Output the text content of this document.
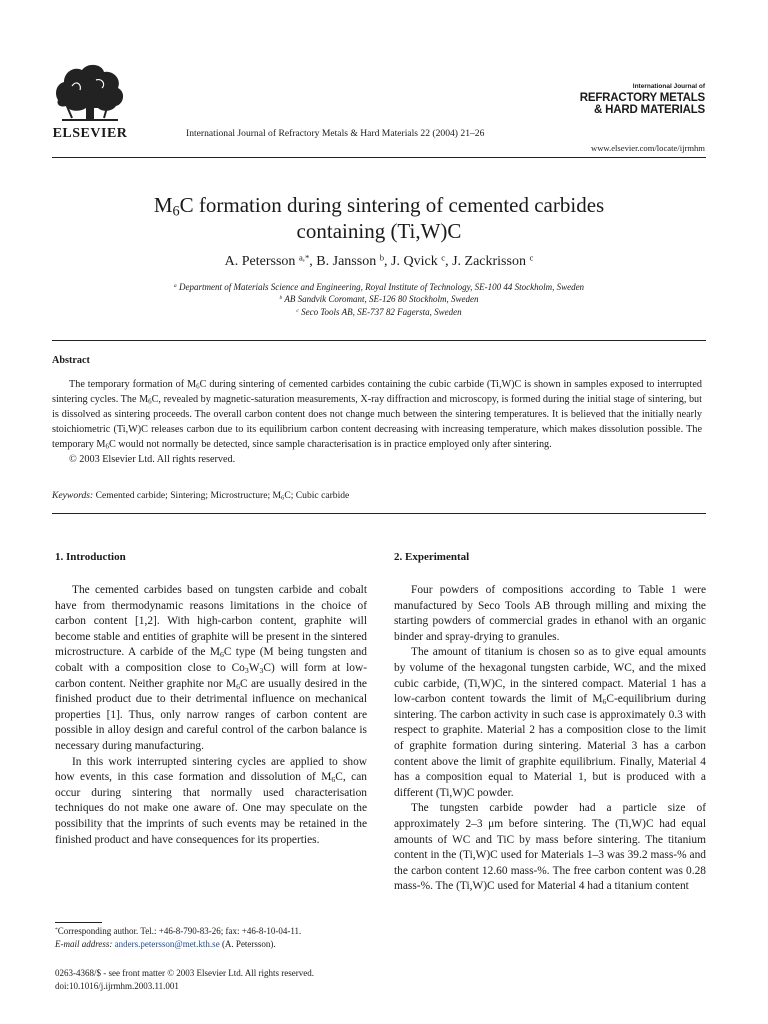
ELSEVIER	International Journal of Refractory Metals & Hard Materials 22 (2004) 21–26
International Journal of
REFRACTORY METALS
& HARD MATERIALS
www.elsevier.com/locate/ijrmhm
$M_6C$ formation during sintering of cemented carbides
containing (Ti,W)C
A. Petersson $^{a,*}$, B. Jansson $^b$, J. Qvick $^c$, J. Zackrisson $^c$
$^a$ Department of Materials Science and Engineering, Royal Institute of Technology, SE-100 44 Stockholm, Sweden
$^b$ AB Sandvik Coromant, SE-126 80 Stockholm, Sweden
$^c$ Seco Tools AB, SE-737 82 Fagersta, Sweden
Abstract

The temporary formation of $M_6C$ during sintering of cemented carbides containing the cubic carbide (Ti,W)C is shown in samples exposed to interrupted sintering cycles. The $M_6C$, revealed by magnetic-saturation measurements, X-ray diffraction and microscopy, is formed during the initial stage of sintering, but is dissolved as sintering proceeds. The overall carbon content does not change much between the sintering temperatures. It is believed that the initially nearly stoichiometric (Ti,W)C releases carbon due to its equilibrium carbon content decreasing with increasing temperature, which makes dissolution possible. The temporary $M_6C$ would not normally be detected, since sample characterisation is in practice employed only after sintering.

© 2003 Elsevier Ltd. All rights reserved.

Keywords: Cemented carbide; Sintering; Microstructure; $M_6C$; Cubic carbide
1. Introduction	2. Experimental

The cemented carbides based on tungsten carbide and cobalt have from thermodynamic reasons limitations in the choice of carbon content [1,2]. With high-carbon content, graphite will become stable and entities of graphite will be present in the sintered microstructure. A carbide of the $M_6C$ type (M being tungsten and cobalt with a composition close to $Co_3W_3C$) will form at low-carbon content. Neither graphite nor $M_6C$ are usually desired in the finished product due to their detrimental influence on mechanical properties [1]. Thus, only narrow ranges of carbon content are possible in alloy design and careful control of the carbon balance is necessary during manufacturing.

In this work interrupted sintering cycles are applied to show how events, in this case formation and dissolution of $M_6C$, can occur during sintering that normally used characterisation techniques do not make one aware of. One may speculate on the possibility that the imprints of such events may be retained in the finished product and have consequences for its properties.

Four powders of compositions according to Table 1 were manufactured by Seco Tools AB through milling and mixing the starting powders of commercial grades in ethanol with an organic binder and spray-drying to granules.

The amount of titanium is chosen so as to give equal amounts by volume of the hexagonal tungsten carbide, WC, and the mixed cubic carbide, (Ti,W)C, in the sintered compact. Material 1 has a low-carbon content towards the limit of $M_6C$-equilibrium during sintering. The carbon activity in such case is approximately 0.3 with respect to graphite. Material 2 has a composition close to the limit of graphite formation during sintering. Material 3 has a carbon content above the limit of graphite equilibrium. Finally, Material 4 has a composition equal to Material 1, but is produced with a different (Ti,W)C powder.

The tungsten carbide powder had a particle size of approximately 2–3 μm before sintering. The (Ti,W)C had equal amounts of WC and TiC by mass before sintering. The titanium content in the (Ti,W)C used for Materials 1–3 was 39.2 mass-% and the carbon content 12.60 mass-%. The free carbon content was 0.28 mass-%. The (Ti,W)C used for Material 4 had a titanium content

*Corresponding author. Tel.: +46-8-790-83-26; fax: +46-8-10-04-11.
E-mail address: anders.petersson@met.kth.se (A. Petersson).
0263-4368/$ - see front matter © 2003 Elsevier Ltd. All rights reserved.
doi:10.1016/j.ijrmhm.2003.11.001
